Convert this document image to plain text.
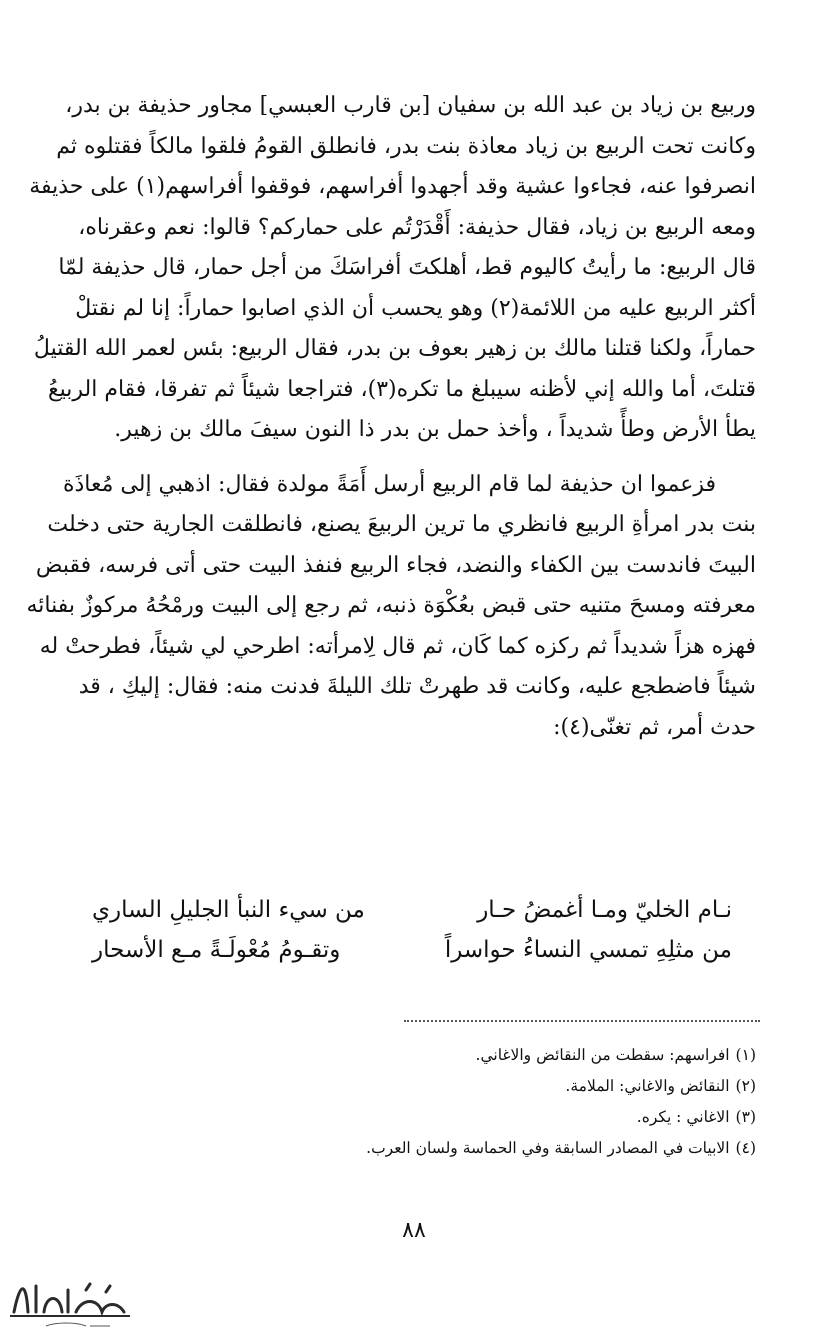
وربيع بن زياد بن عبد الله بن سفيان [بن قارب العبسي] مجاور حذيفة بن بدر،
وكانت تحت الربيع بن زياد معاذة بنت بدر، فانطلق القومُ فلقوا مالكاً فقتلوه ثم
انصرفوا عنه، فجاءوا عشية وقد أجهدوا أفراسهم، فوقفوا أفراسهم(١) على حذيفة
ومعه الربيع بن زياد، فقال حذيفة: أَقْدَرْتُم على حماركم؟ قالوا: نعم وعقرناه،
قال الربيع: ما رأيتُ كاليوم قط، أهلكتَ أفراسَكَ من أجل حمار، قال حذيفة لمّا
أكثر الربيع عليه من اللائمة(٢) وهو يحسب أن الذي اصابوا حماراً: إنا لم نقتلْ
حماراً، ولكنا قتلنا مالك بن زهير بعوف بن بدر، فقال الربيع: بئس لعمر الله القتيلُ
قتلتَ، أما والله إني لأظنه سيبلغ ما تكره(٣)، فتراجعا شيئاً ثم تفرقا، فقام الربيعُ
يطأ الأرض وطأً شديداً ، وأخذ حمل بن بدر ذا النون سيفَ مالك بن زهير.
فزعموا ان حذيفة لما قام الربيع أرسل أَمَةً مولدة فقال: اذهبي إلى مُعاذَة
بنت بدر امرأةِ الربيع فانظري ما ترين الربيعَ يصنع، فانطلقت الجارية حتى دخلت
البيتَ فاندست بين الكفاء والنضد، فجاء الربيع فنفذ البيت حتى أتى فرسه، فقبض
معرفته ومسحَ متنيه حتى قبض بعُكْوَة ذنبه، ثم رجع إلى البيت ورمْحُهُ مركوزٌ بفنائه
فهزه هزاً شديداً ثم ركزه كما كَان، ثم قال لِامرأته: اطرحي لي شيئاً، فطرحتْ له
شيئاً فاضطجع عليه، وكانت قد طهرتْ تلك الليلةَ فدنت منه: فقال: إليكِ ، قد
حدث أمر، ثم تغنّى(٤):
نـام الخليّ ومـا أغمضُ حـار
من سيء النبأ الجليلِ الساري
من مثلِهِ تمسي النساءُ حواسراً
وتقـومُ مُعْولَـةً مـع الأسحار
(١)افراسهم: سقطت من النقائض والاغاني.
(٢)النقائض والاغاني: الملامة.
(٣)الاغاني : يكره.
(٤)الابيات في المصادر السابقة وفي الحماسة ولسان العرب.
٨٨
